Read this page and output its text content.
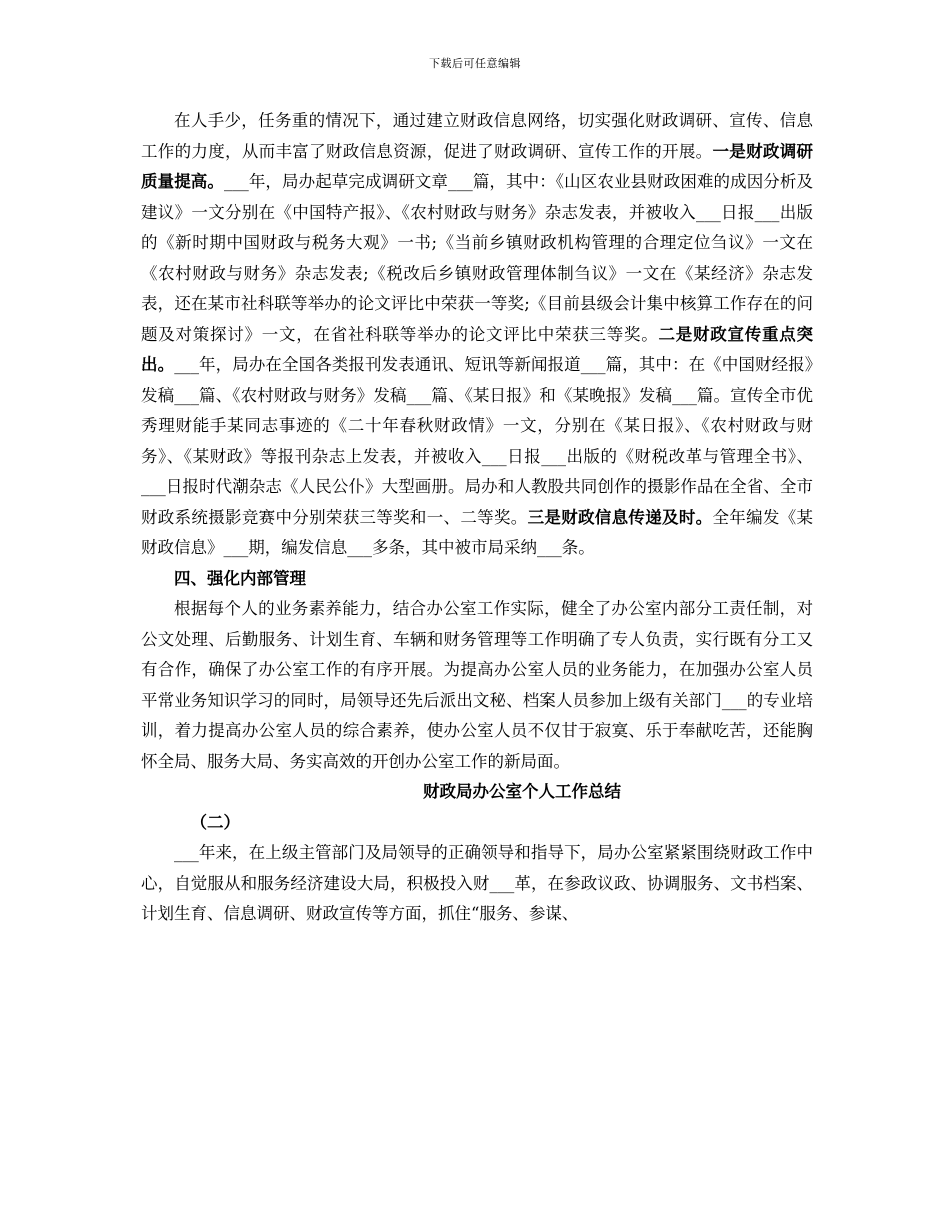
下载后可任意编辑

在人手少，任务重的情况下，通过建立财政信息网络，切实强化财政调研、宣传、信息工作的力度，从而丰富了财政信息资源，促进了财政调研、宣传工作的开展。一是财政调研质量提高。___年，局办起草完成调研文章___篇，其中：《山区农业县财政困难的成因分析及建议》一文分别在《中国特产报》、《农村财政与财务》杂志发表，并被收入___日报___出版的《新时期中国财政与税务大观》一书;《当前乡镇财政机构管理的合理定位刍议》一文在《农村财政与财务》杂志发表;《税改后乡镇财政管理体制刍议》一文在《某经济》杂志发表，还在某市社科联等举办的论文评比中荣获一等奖;《目前县级会计集中核算工作存在的问题及对策探讨》一文，在省社科联等举办的论文评比中荣获三等奖。二是财政宣传重点突出。___年，局办在全国各类报刊发表通讯、短讯等新闻报道___篇，其中：在《中国财经报》发稿___篇、《农村财政与财务》发稿___篇、《某日报》和《某晚报》发稿___篇。宣传全市优秀理财能手某同志事迹的《二十年春秋财政情》一文，分别在《某日报》、《农村财政与财务》、《某财政》等报刊杂志上发表，并被收入___日报___出版的《财税改革与管理全书》、___日报时代潮杂志《人民公仆》大型画册。局办和人教股共同创作的摄影作品在全省、全市财政系统摄影竞赛中分别荣获三等奖和一、二等奖。三是财政信息传递及时。全年编发《某财政信息》___期，编发信息___多条，其中被市局采纳___条。

四、强化内部管理

根据每个人的业务素养能力，结合办公室工作实际，健全了办公室内部分工责任制，对公文处理、后勤服务、计划生育、车辆和财务管理等工作明确了专人负责，实行既有分工又有合作，确保了办公室工作的有序开展。为提高办公室人员的业务能力，在加强办公室人员平常业务知识学习的同时，局领导还先后派出文秘、档案人员参加上级有关部门___的专业培训，着力提高办公室人员的综合素养，使办公室人员不仅甘于寂寞、乐于奉献吃苦，还能胸怀全局、服务大局、务实高效的开创办公室工作的新局面。

财政局办公室个人工作总结

（二）

___年来，在上级主管部门及局领导的正确领导和指导下，局办公室紧紧围绕财政工作中心，自觉服从和服务经济建设大局，积极投入财___革，在参政议政、协调服务、文书档案、计划生育、信息调研、财政宣传等方面，抓住“服务、参谋、
